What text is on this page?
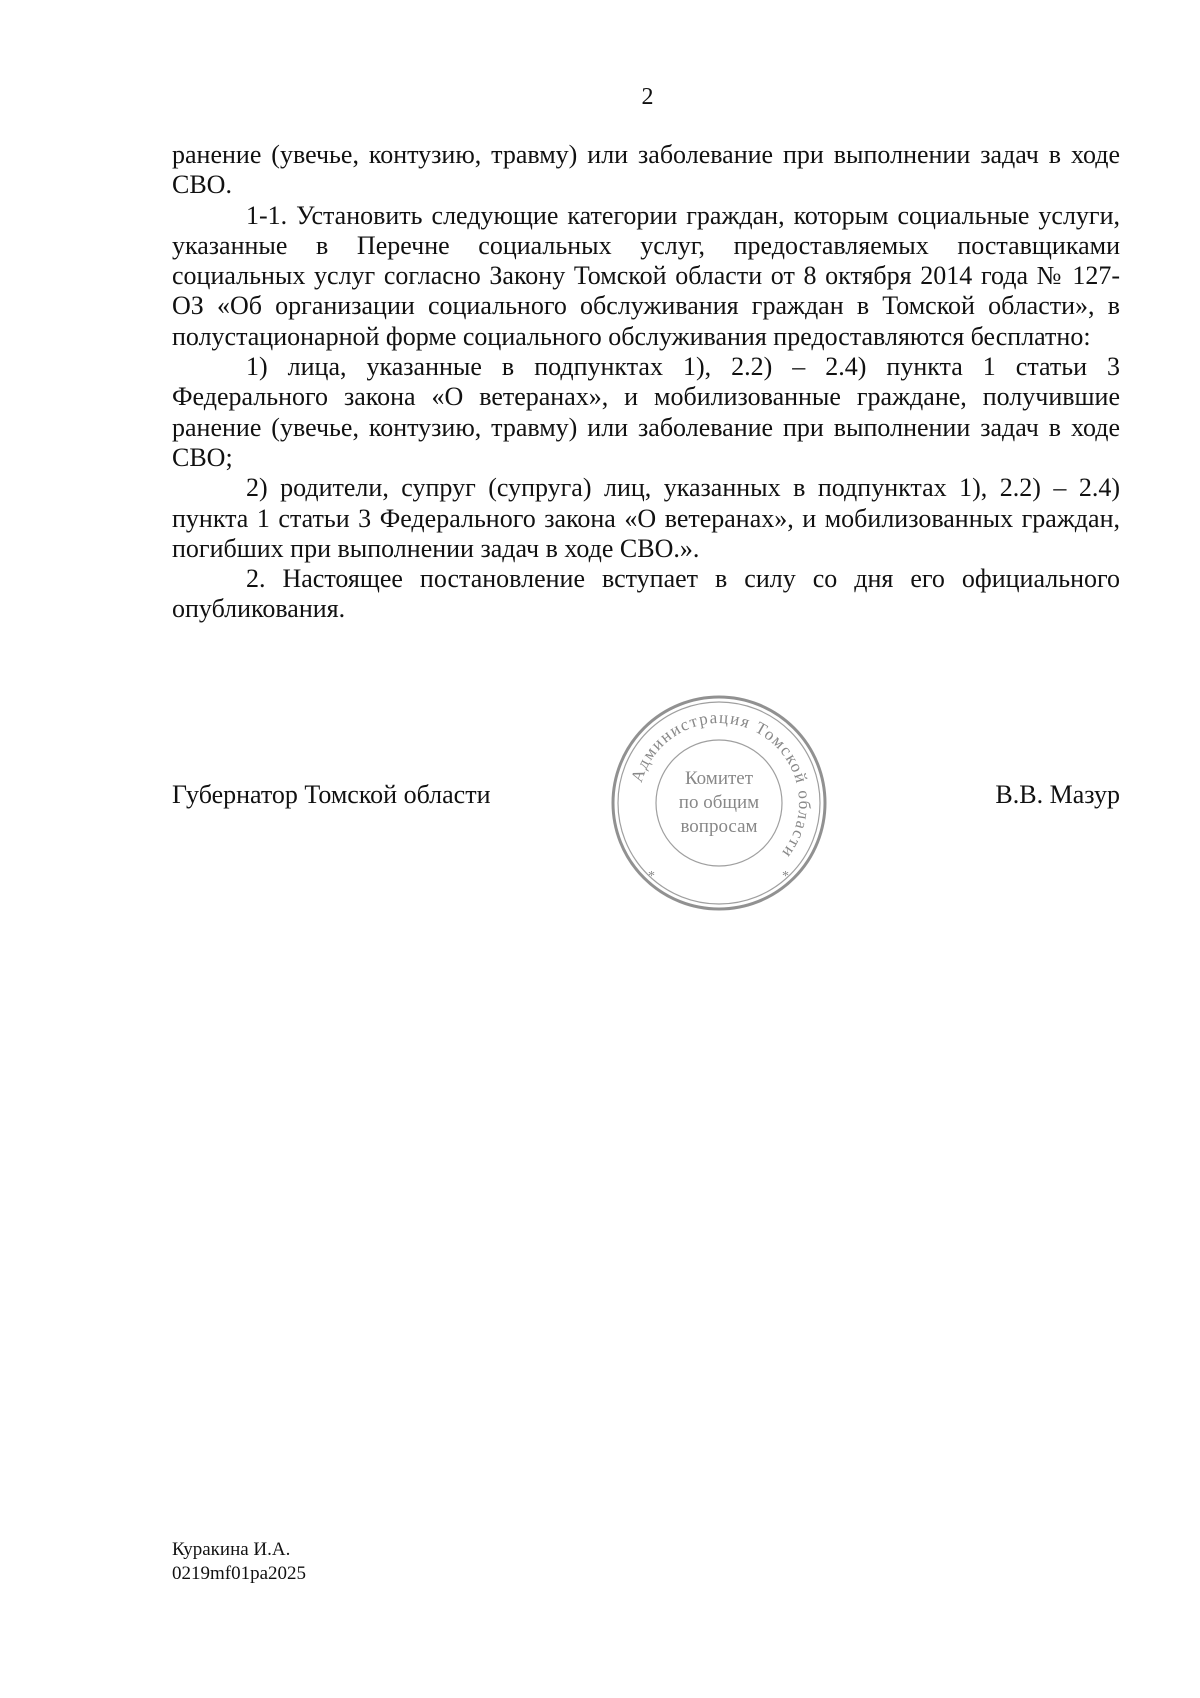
2

ранение (увечье, контузию, травму) или заболевание при выполнении задач в ходе СВО.

1-1. Установить следующие категории граждан, которым социальные услуги, указанные в Перечне социальных услуг, предоставляемых поставщиками социальных услуг согласно Закону Томской области от 8 октября 2014 года № 127-ОЗ «Об организации социального обслуживания граждан в Томской области», в полустационарной форме социального обслуживания предоставляются бесплатно:

1) лица, указанные в подпунктах 1), 2.2) – 2.4) пункта 1 статьи 3 Федерального закона «О ветеранах», и мобилизованные граждане, получившие ранение (увечье, контузию, травму) или заболевание при выполнении задач в ходе СВО;

2) родители, супруг (супруга) лиц, указанных в подпунктах 1), 2.2) – 2.4) пункта 1 статьи 3 Федерального закона «О ветеранах», и мобилизованных граждан, погибших при выполнении задач в ходе СВО.».

2. Настоящее постановление вступает в силу со дня его официального опубликования.

Губернатор Томской области	В.В. Мазур
Администрация Томской области
*	*
Комитет
по общим
вопросам
Куракина И.А.
0219mf01pa2025
